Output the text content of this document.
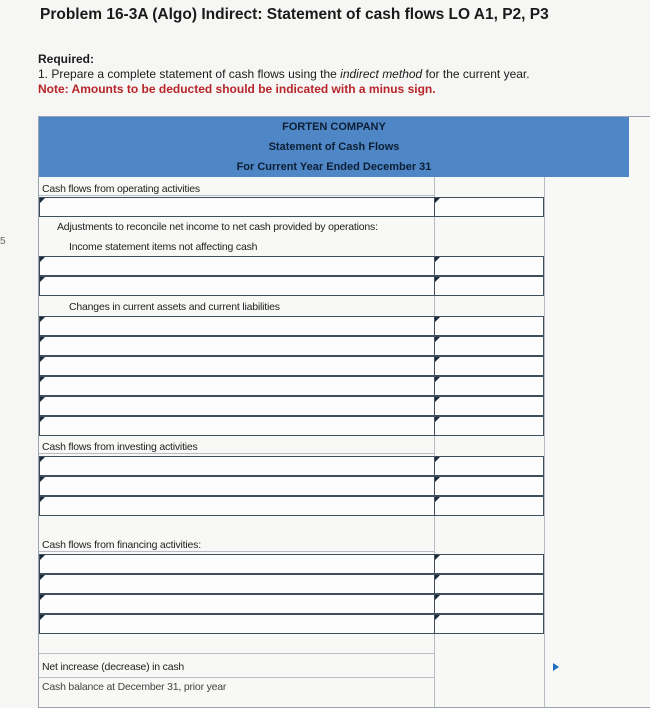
Problem 16-3A (Algo) Indirect: Statement of cash flows LO A1, P2, P3
Required:
1. Prepare a complete statement of cash flows using the indirect method for the current year.
Note: Amounts to be deducted should be indicated with a minus sign.
5
FORTEN COMPANY
Statement of Cash Flows
For Current Year Ended December 31
Cash flows from operating activities
Adjustments to reconcile net income to net cash provided by operations:
Income statement items not affecting cash
Changes in current assets and current liabilities
Cash flows from investing activities
Cash flows from financing activities:
Net increase (decrease) in cash
Cash balance at December 31, prior year
